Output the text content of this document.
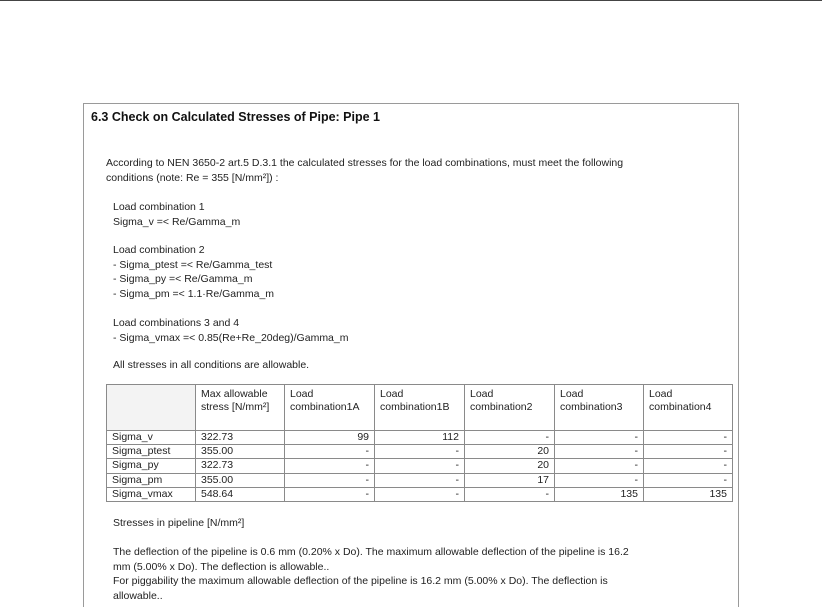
6.3 Check on Calculated Stresses of Pipe: Pipe 1
According to NEN 3650-2 art.5 D.3.1 the calculated stresses for the load combinations, must meet the following
conditions (note: Re = 355 [N/mm²]) :
Load combination 1
Sigma_v =< Re/Gamma_m
Load combination 2
- Sigma_ptest =< Re/Gamma_test
- Sigma_py =< Re/Gamma_m
- Sigma_pm =< 1.1·Re/Gamma_m
Load combinations 3 and 4
- Sigma_vmax =< 0.85(Re+Re_20deg)/Gamma_m
All stresses in all conditions are allowable.
	Max allowable stress [N/mm²]	Load combination1A	Load combination1B	Load combination2	Load combination3	Load combination4
Sigma_v	322.73	99	112	-	-	-
Sigma_ptest	355.00	-	-	20	-	-
Sigma_py	322.73	-	-	20	-	-
Sigma_pm	355.00	-	-	17	-	-
Sigma_vmax	548.64	-	-	-	135	135
Stresses in pipeline [N/mm²]
The deflection of the pipeline is 0.6 mm (0.20% x Do). The maximum allowable deflection of the pipeline is 16.2
mm (5.00% x Do). The deflection is allowable..
For piggability the maximum allowable deflection of the pipeline is 16.2 mm (5.00% x Do). The deflection is
allowable..
